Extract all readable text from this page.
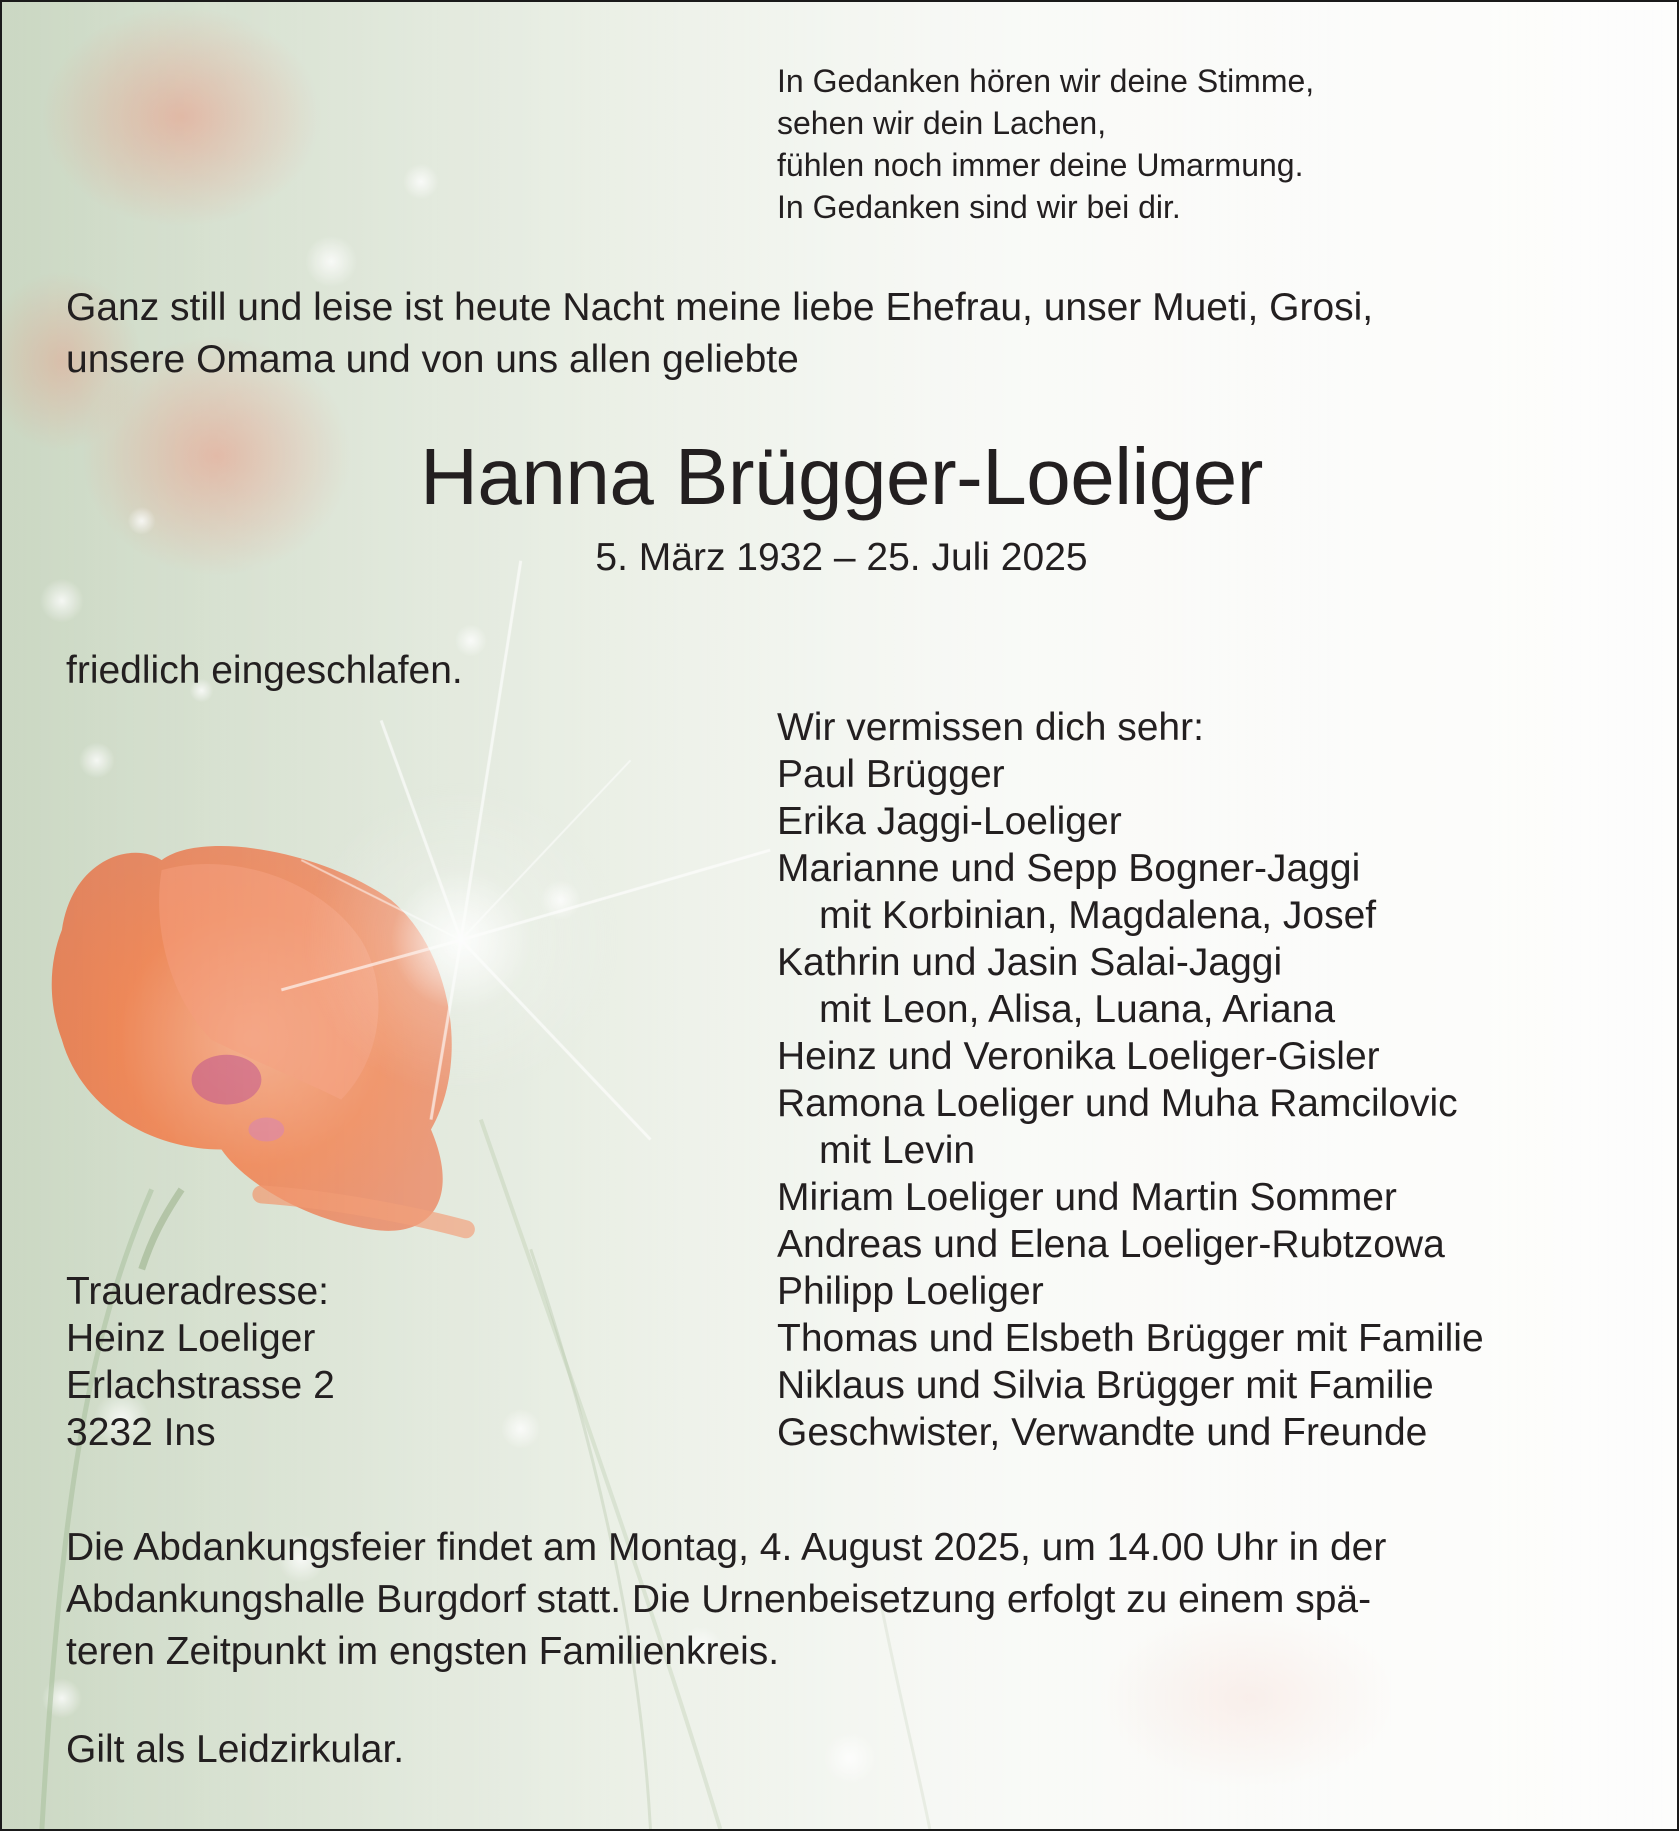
In Gedanken hören wir deine Stimme,
sehen wir dein Lachen,
fühlen noch immer deine Umarmung.
In Gedanken sind wir bei dir.
Ganz still und leise ist heute Nacht meine liebe Ehefrau, unser Mueti, Grosi,
unsere Omama und von uns allen geliebte
Hanna Brügger-Loeliger
5. März 1932 – 25. Juli 2025
friedlich eingeschlafen.
Wir vermissen dich sehr:
Paul Brügger
Erika Jaggi-Loeliger
Marianne und Sepp Bogner-Jaggi
mit Korbinian, Magdalena, Josef
Kathrin und Jasin Salai-Jaggi
mit Leon, Alisa, Luana, Ariana
Heinz und Veronika Loeliger-Gisler
Ramona Loeliger und Muha Ramcilovic
mit Levin
Miriam Loeliger und Martin Sommer
Andreas und Elena Loeliger-Rubtzowa
Philipp Loeliger
Thomas und Elsbeth Brügger mit Familie
Niklaus und Silvia Brügger mit Familie
Geschwister, Verwandte und Freunde
Traueradresse:
Heinz Loeliger
Erlachstrasse 2
3232 Ins
Die Abdankungsfeier findet am Montag, 4. August 2025, um 14.00 Uhr in der
Abdankungshalle Burgdorf statt. Die Urnenbeisetzung erfolgt zu einem spä-
teren Zeitpunkt im engsten Familienkreis.
Gilt als Leidzirkular.
